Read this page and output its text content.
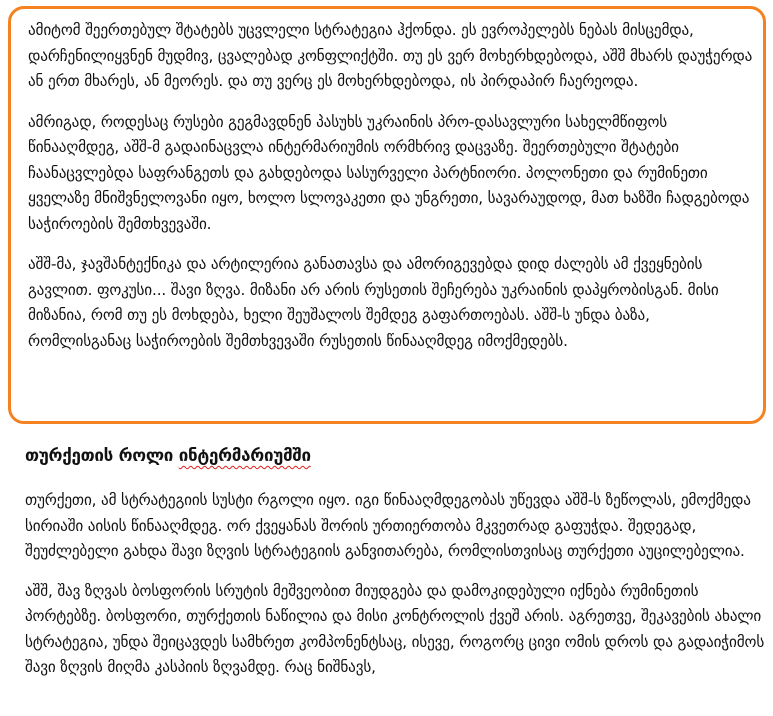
ამიტომ შეერთებულ შტატებს უცვლელი სტრატეგია ჰქონდა. ეს ევროპელებს ნებას მისცემდა, დარჩენილიყვნენ მუდმივ, ცვალებად კონფლიქტში. თუ ეს ვერ მოხერხდებოდა, აშშ მხარს დაუჭერდა ან ერთ მხარეს, ან მეორეს. და თუ ვერც ეს მოხერხდებოდა, ის პირდაპირ ჩაერეოდა.

ამრიგად, როდესაც რუსები გეგმავდნენ პასუხს უკრაინის პრო-დასავლური სახელმწიფოს წინააღმდეგ, აშშ-მ გადაინაცვლა ინტერმარიუმის ორმხრივ დაცვაზე. შეერთებული შტატები ჩაანაცვლებდა საფრანგეთს და გახდებოდა სასურველი პარტნიორი. პოლონეთი და რუმინეთი ყველაზე მნიშვნელოვანი იყო, ხოლო სლოვაკეთი და უნგრეთი, სავარაუდოდ, მათ ხაზში ჩადგებოდა საჭიროების შემთხვევაში.

აშშ-მა, ჯავშანტექნიკა და არტილერია განათავსა და ამორიგევებდა დიდ ძალებს ამ ქვეყნების გავლით. ფოკუსი... შავი ზღვა. მიზანი არ არის რუსეთის შეჩერება უკრაინის დაპყრობისგან. მისი მიზანია, რომ თუ ეს მოხდება, ხელი შეუშალოს შემდეგ გაფართოებას. აშშ-ს უნდა ბაზა, რომლისგანაც საჭიროების შემთხვევაში რუსეთის წინააღმდეგ იმოქმედებს.

თურქეთის როლი ინტერმარიუმში

თურქეთი, ამ სტრატეგიის სუსტი რგოლი იყო. იგი წინააღმდეგობას უწევდა აშშ-ს ზეწოლას, ემოქმედა სირიაში აისის წინააღმდეგ. ორ ქვეყანას შორის ურთიერთობა მკვეთრად გაფუჭდა. შედეგად, შეუძლებელი გახდა შავი ზღვის სტრატეგიის განვითარება, რომლისთვისაც თურქეთი აუცილებელია.

აშშ, შავ ზღვას ბოსფორის სრუტის მეშვეობით მიუდგება და დამოკიდებული იქნება რუმინეთის პორტებზე. ბოსფორი, თურქეთის ნაწილია და მისი კონტროლის ქვეშ არის. აგრეთვე, შეკავების ახალი სტრატეგია, უნდა შეიცავდეს სამხრეთ კომპონენტსაც, ისევე, როგორც ცივი ომის დროს და გადაიჭიმოს შავი ზღვის მიღმა კასპიის ზღვამდე. რაც ნიშნავს,
